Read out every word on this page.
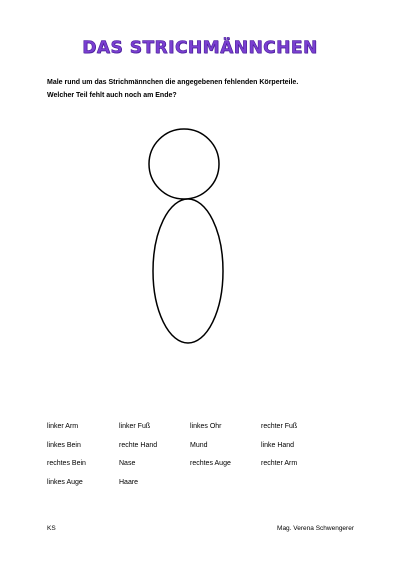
DAS STRICHMÄNNCHEN
Male rund um das Strichmännchen die angegebenen fehlenden Körperteile.
Welcher Teil fehlt auch noch am Ende?
linker Arm	linker Fuß	linkes Ohr	rechter Fuß
linkes Bein	rechte Hand	Mund	linke Hand
rechtes Bein	Nase	rechtes Auge	rechter Arm
linkes Auge	Haare
KS	Mag. Verena Schwengerer
